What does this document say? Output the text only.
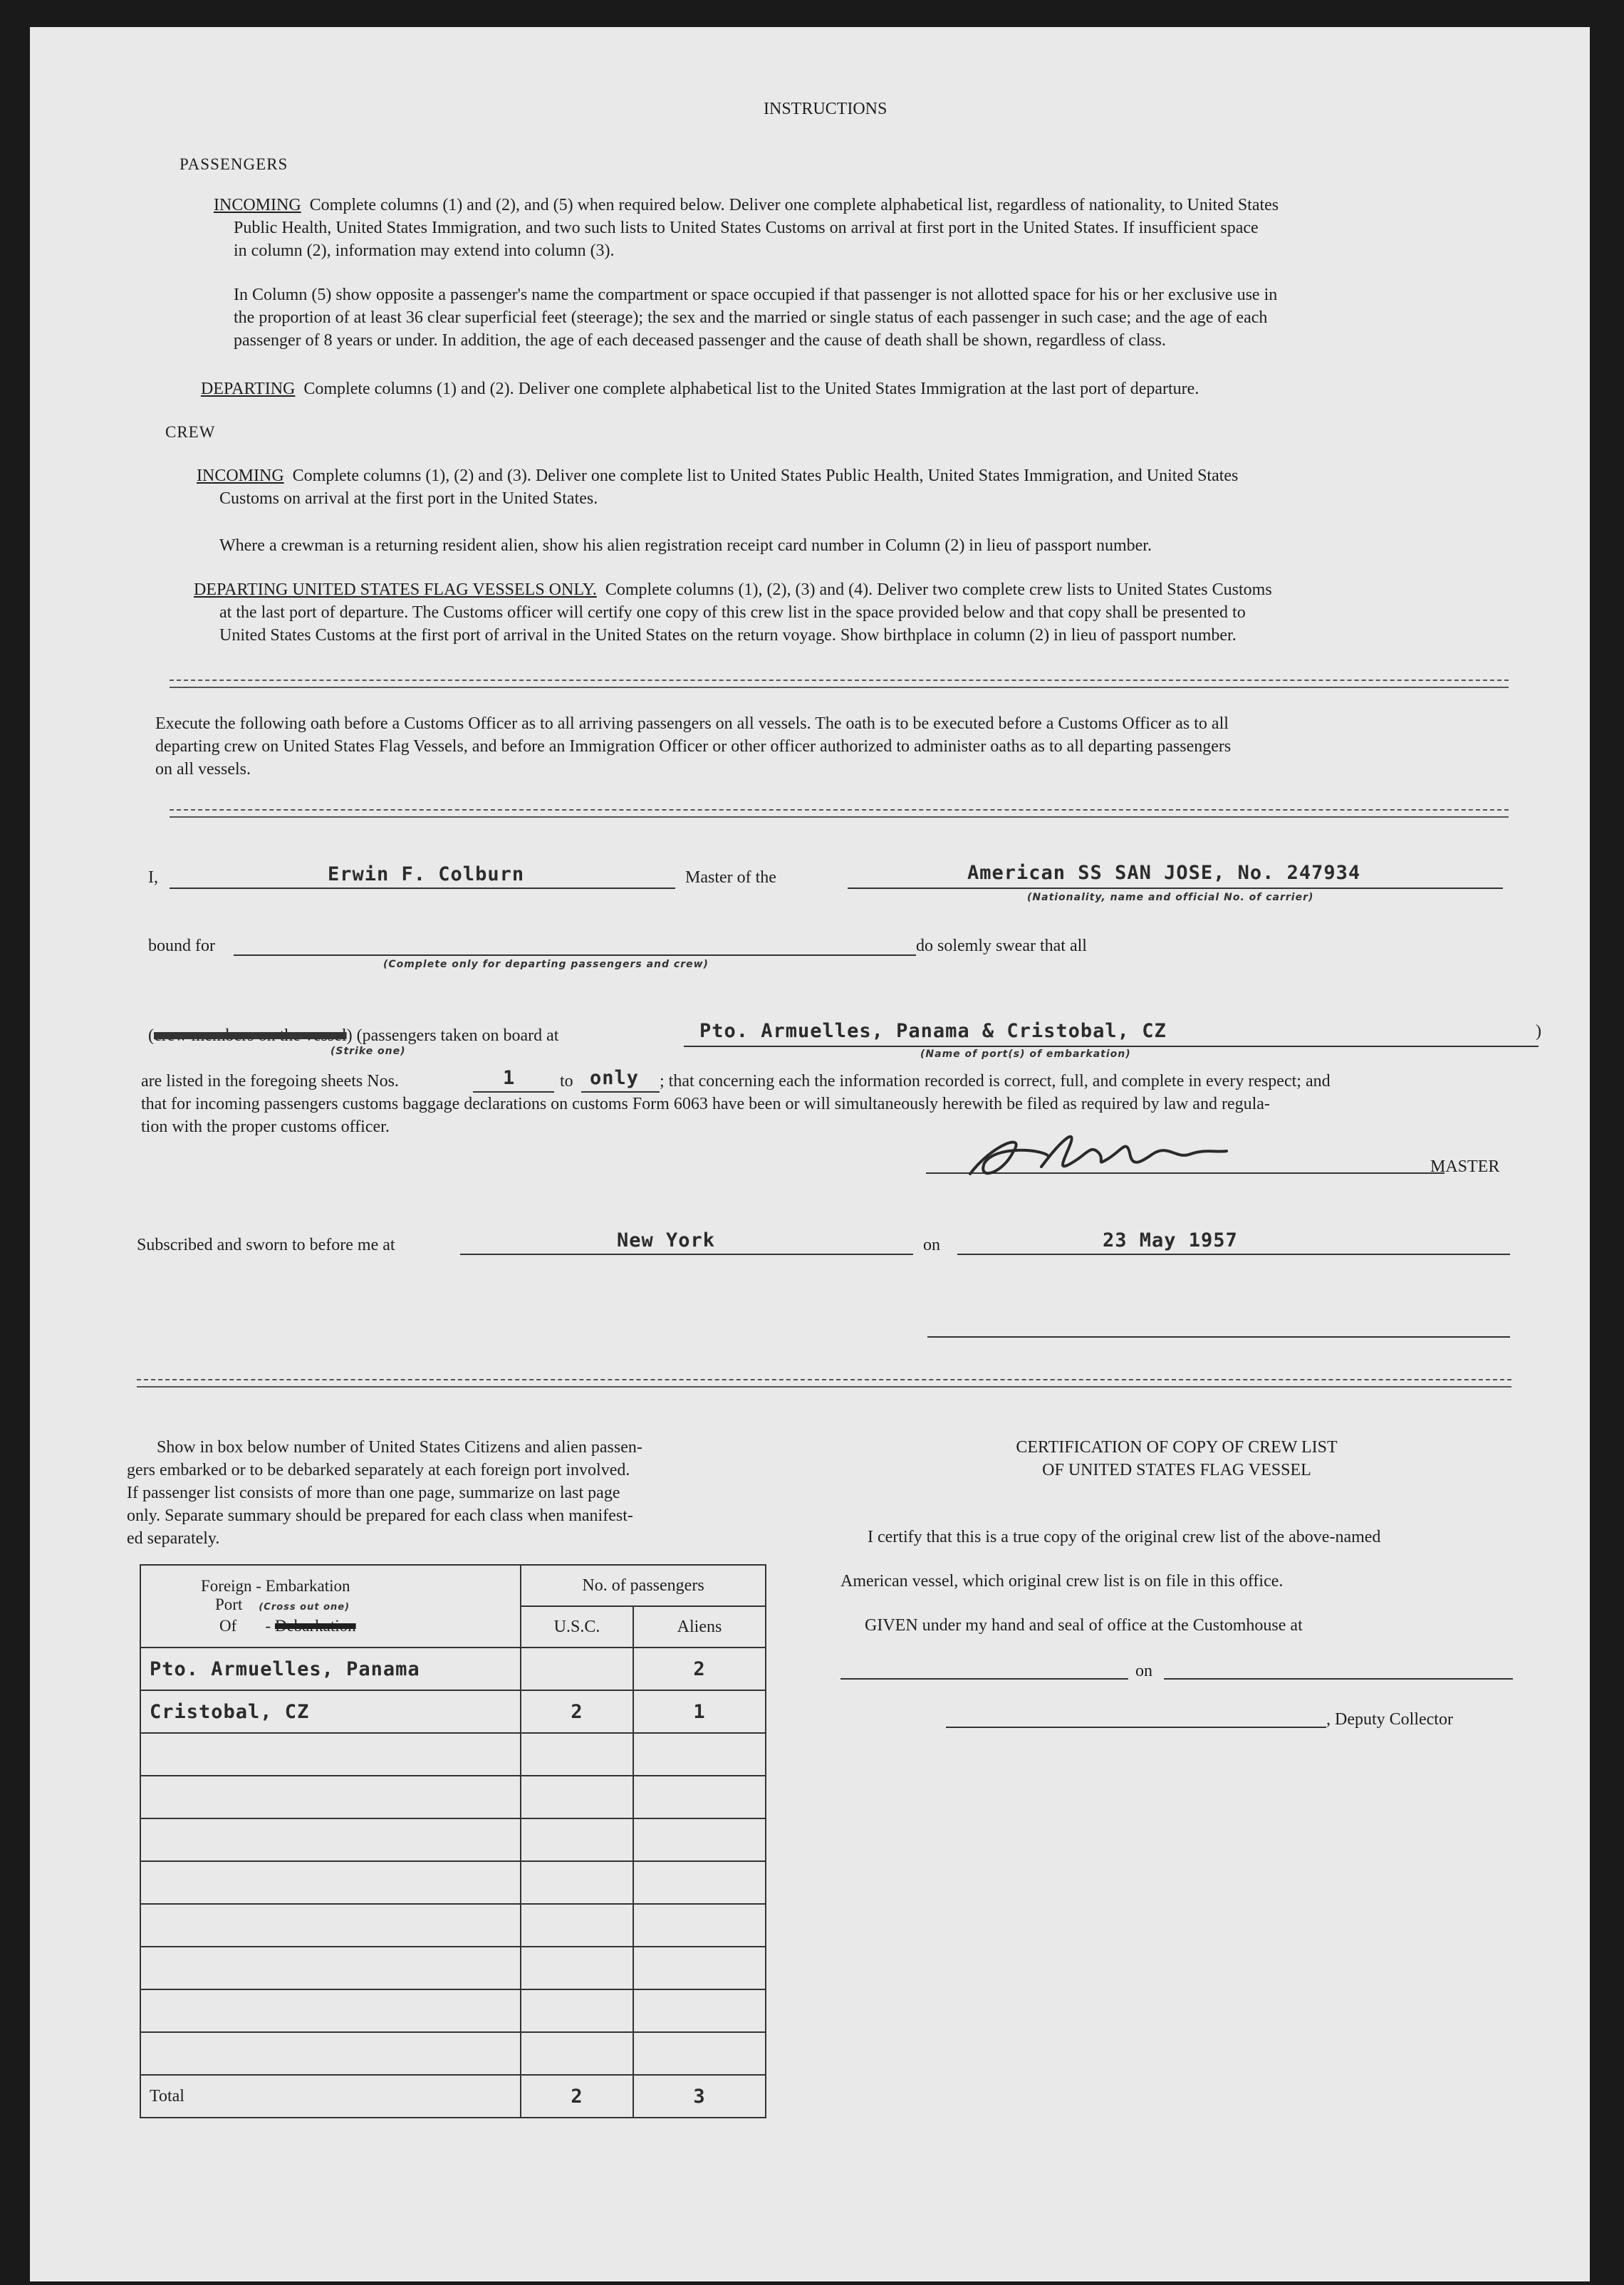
INSTRUCTIONS
PASSENGERS
INCOMING Complete columns (1) and (2), and (5) when required below. Deliver one complete alphabetical list, regardless of nationality, to United States
Public Health, United States Immigration, and two such lists to United States Customs on arrival at first port in the United States. If insufficient space
in column (2), information may extend into column (3).
In Column (5) show opposite a passenger's name the compartment or space occupied if that passenger is not allotted space for his or her exclusive use in
the proportion of at least 36 clear superficial feet (steerage); the sex and the married or single status of each passenger in such case; and the age of each
passenger of 8 years or under. In addition, the age of each deceased passenger and the cause of death shall be shown, regardless of class.
DEPARTING Complete columns (1) and (2). Deliver one complete alphabetical list to the United States Immigration at the last port of departure.
CREW
INCOMING Complete columns (1), (2) and (3). Deliver one complete list to United States Public Health, United States Immigration, and United States
Customs on arrival at the first port in the United States.
Where a crewman is a returning resident alien, show his alien registration receipt card number in Column (2) in lieu of passport number.
DEPARTING UNITED STATES FLAG VESSELS ONLY. Complete columns (1), (2), (3) and (4). Deliver two complete crew lists to United States Customs
at the last port of departure. The Customs officer will certify one copy of this crew list in the space provided below and that copy shall be presented to
United States Customs at the first port of arrival in the United States on the return voyage. Show birthplace in column (2) in lieu of passport number.
Execute the following oath before a Customs Officer as to all arriving passengers on all vessels. The oath is to be executed before a Customs Officer as to all
departing crew on United States Flag Vessels, and before an Immigration Officer or other officer authorized to administer oaths as to all departing passengers
on all vessels.
I,	Erwin F. Colburn	Master of the	American SS SAN JOSE, No. 247934
(Nationality, name and official No. of carrier)
bound for
(Complete only for departing passengers and crew)
do solemly swear that all
(crew members on the vessel) (passengers taken on board at
(Strike one)
Pto. Armuelles, Panama & Cristobal, CZ
(Name of port(s) of embarkation)
)
are listed in the foregoing sheets Nos.	1	to only ; that concerning each the information recorded is correct, full, and complete in every respect; and
that for incoming passengers customs baggage declarations on customs Form 6063 have been or will simultaneously herewith be filed as required by law and regula-
tion with the proper customs officer.
MASTER
Subscribed and sworn to before me at	New York	on	23 May 1957
Show in box below number of United States Citizens and alien passen-
gers embarked or to be debarked separately at each foreign port involved.
If passenger list consists of more than one page, summarize on last page
only. Separate summary should be prepared for each class when manifest-
ed separately.
Foreign - Embarkation
Port (Cross out one)
Of - Debarkation	No. of passengers	
	U.S.C.	Aliens
Pto. Armuelles, Panama		2
Cristobal, CZ	2	1

Total	2	3
CERTIFICATION OF COPY OF CREW LIST
OF UNITED STATES FLAG VESSEL
I certify that this is a true copy of the original crew list of the above-named
American vessel, which original crew list is on file in this office.
GIVEN under my hand and seal of office at the Customhouse at
on
, Deputy Collector
